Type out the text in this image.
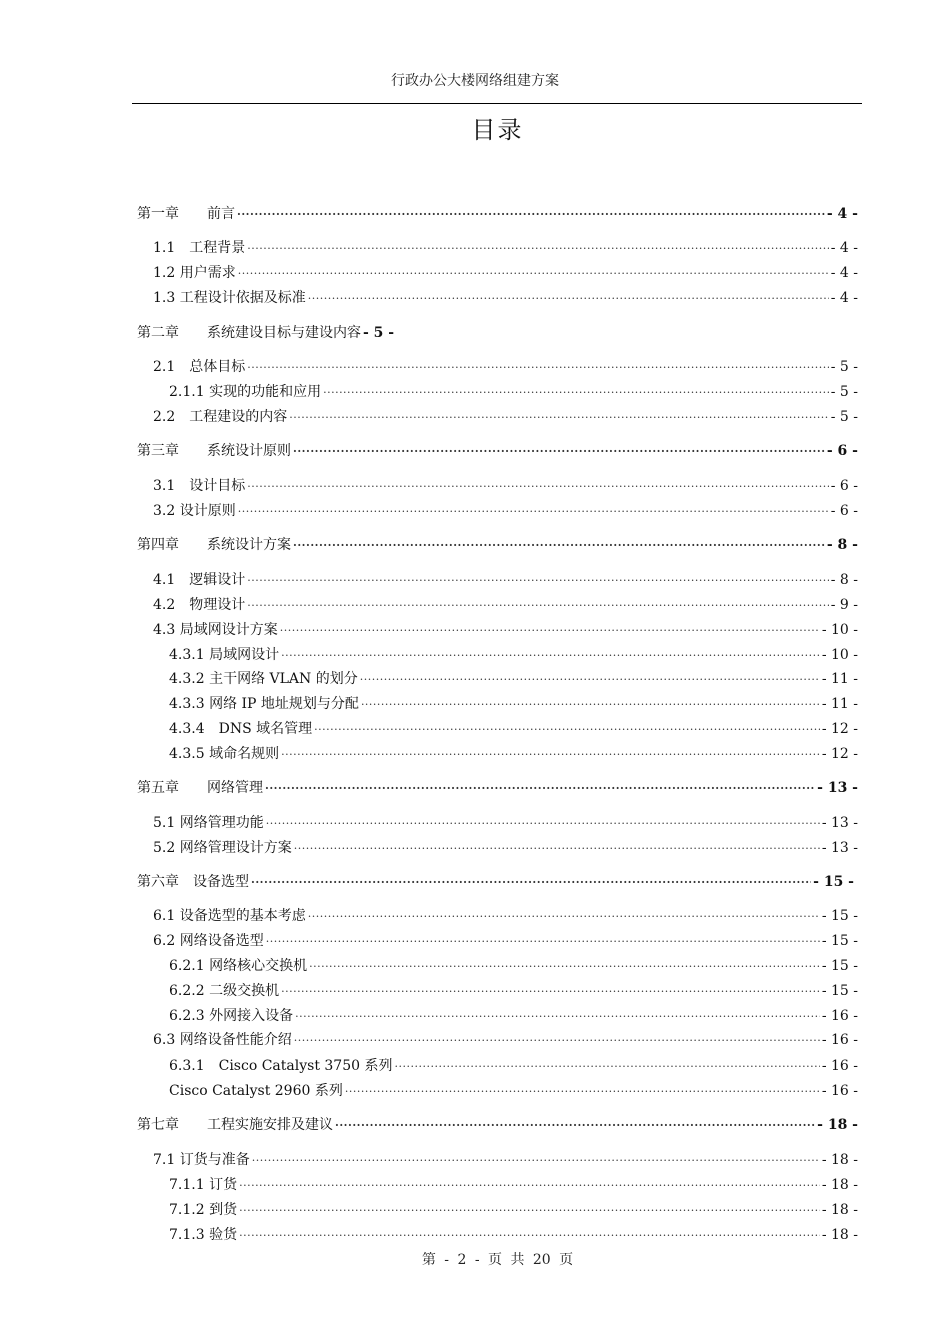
行政办公大楼网络组建方案
目录
第一章　　前言 ·····	- 4 -
1.1　工程背景 ·····	- 4 -
1.2 用户需求 ·····	- 4 -
1.3 工程设计依据及标准 ·····	- 4 -
第二章　　系统建设目标与建设内容 - 5 -
2.1　总体目标 ·····	- 5 -
2.1.1 实现的功能和应用 ·····	- 5 -
2.2　工程建设的内容 ·····	- 5 -
第三章　　系统设计原则 ·····	- 6 -
3.1　设计目标 ·····	- 6 -
3.2 设计原则 ·····	- 6 -
第四章　　系统设计方案 ·····	- 8 -
4.1　逻辑设计 ·····	- 8 -
4.2　物理设计 ·····	- 9 -
4.3 局域网设计方案 ·····	- 10 -
4.3.1 局域网设计 ·····	- 10 -
4.3.2 主干网络 VLAN 的划分 ·····	- 11 -
4.3.3 网络 IP 地址规划与分配 ·····	- 11 -
4.3.4　DNS 域名管理 ·····	- 12 -
4.3.5 域命名规则 ·····	- 12 -
第五章　　网络管理 ·····	- 13 -
5.1 网络管理功能 ·····	- 13 -
5.2 网络管理设计方案 ·····	- 13 -
第六章　设备选型 ·····	- 15 -
6.1 设备选型的基本考虑 ·····	- 15 -
6.2 网络设备选型 ·····	- 15 -
6.2.1 网络核心交换机 ·····	- 15 -
6.2.2 二级交换机 ·····	- 15 -
6.2.3 外网接入设备 ·····	- 16 -
6.3 网络设备性能介绍 ·····	- 16 -
6.3.1　Cisco Catalyst 3750 系列 ·····	- 16 -
Cisco Catalyst 2960 系列 ·····	- 16 -
第七章　　工程实施安排及建议 ·····	- 18 -
7.1 订货与准备 ·····	- 18 -
7.1.1 订货 ·····	- 18 -
7.1.2 到货 ·····	- 18 -
7.1.3 验货 ·····	- 18 -
第 - 2 - 页 共 20 页
